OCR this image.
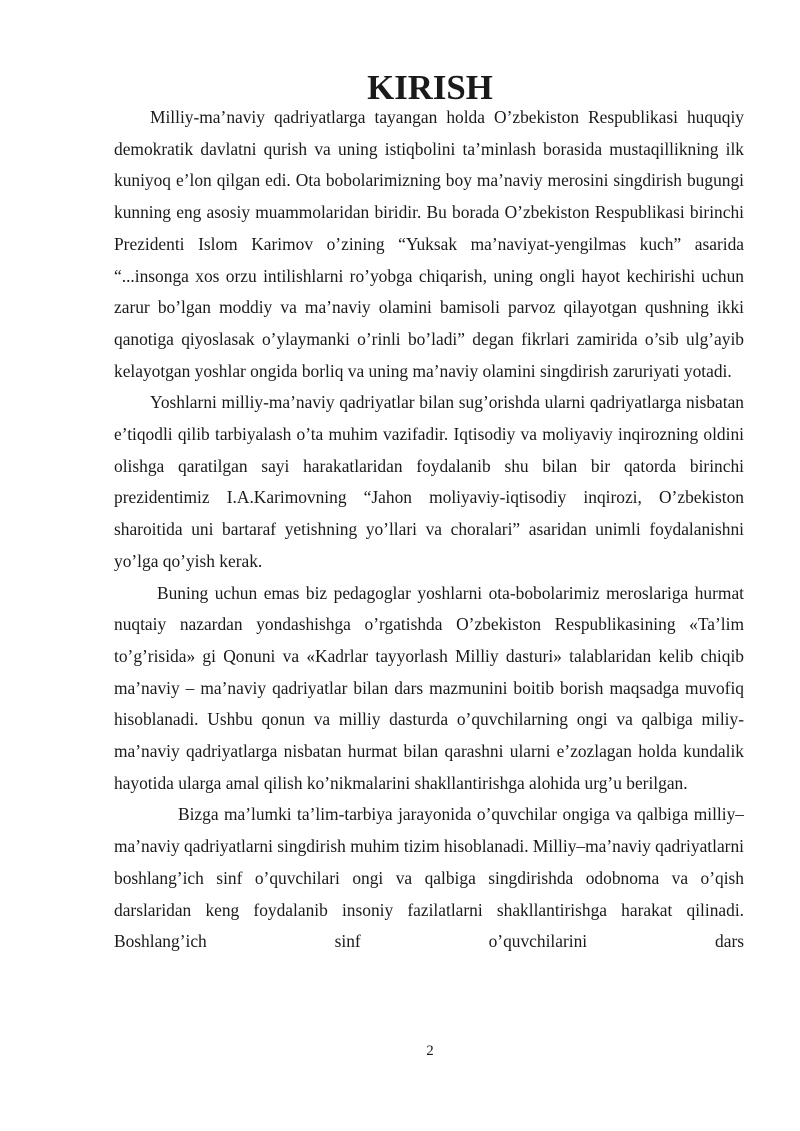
KIRISH

Milliy-ma’naviy qadriyatlarga tayangan holda O’zbekiston Respublikasi huquqiy demokratik davlatni qurish va uning istiqbolini ta’minlash borasida mustaqillikning ilk kuniyoq e’lon qilgan edi. Ota bobolarimizning boy ma’naviy merosini singdirish bugungi kunning eng asosiy muammolaridan biridir. Bu borada O’zbekiston Respublikasi birinchi Prezidenti Islom Karimov o’zining “Yuksak ma’naviyat-yengilmas kuch” asarida “...insonga xos orzu intilishlarni ro’yobga chiqarish, uning ongli hayot kechirishi uchun zarur bo’lgan moddiy va ma’naviy olamini bamisoli parvoz qilayotgan qushning ikki qanotiga qiyoslasak o’ylaymanki o’rinli bo’ladi” degan fikrlari zamirida o’sib ulg’ayib kelayotgan yoshlar ongida borliq va uning ma’naviy olamini singdirish zaruriyati yotadi.

Yoshlarni milliy-ma’naviy qadriyatlar bilan sug’orishda ularni qadriyatlarga nisbatan e’tiqodli qilib tarbiyalash o’ta muhim vazifadir. Iqtisodiy va moliyaviy inqirozning oldini olishga qaratilgan sayi harakatlaridan foydalanib shu bilan bir qatorda birinchi prezidentimiz I.A.Karimovning “Jahon moliyaviy-iqtisodiy inqirozi, O’zbekiston sharoitida uni bartaraf yetishning yo’llari va choralari” asaridan unimli foydalanishni yo’lga qo’yish kerak.

Buning uchun emas biz pedagoglar yoshlarni ota-bobolarimiz meroslariga hurmat nuqtaiy nazardan yondashishga o’rgatishda O’zbekiston Respublikasining «Ta’lim to’g’risida» gi Qonuni va «Kadrlar tayyorlash Milliy dasturi» talablaridan kelib chiqib ma’naviy – ma’naviy qadriyatlar bilan dars mazmunini boitib borish maqsadga muvofiq hisoblanadi. Ushbu qonun va milliy dasturda o’quvchilarning ongi va qalbiga miliy-ma’naviy qadriyatlarga nisbatan hurmat bilan qarashni ularni e’zozlagan holda kundalik hayotida ularga amal qilish ko’nikmalarini shakllantirishga alohida urg’u berilgan.

Bizga ma’lumki ta’lim-tarbiya jarayonida o’quvchilar ongiga va qalbiga milliy–ma’naviy qadriyatlarni singdirish muhim tizim hisoblanadi. Milliy–ma’naviy qadriyatlarni boshlang’ich sinf o’quvchilari ongi va qalbiga singdirishda odobnoma va o’qish darslaridan keng foydalanib insoniy fazilatlarni shakllantirishga harakat qilinadi. Boshlang’ich sinf o’quvchilarini dars

2
